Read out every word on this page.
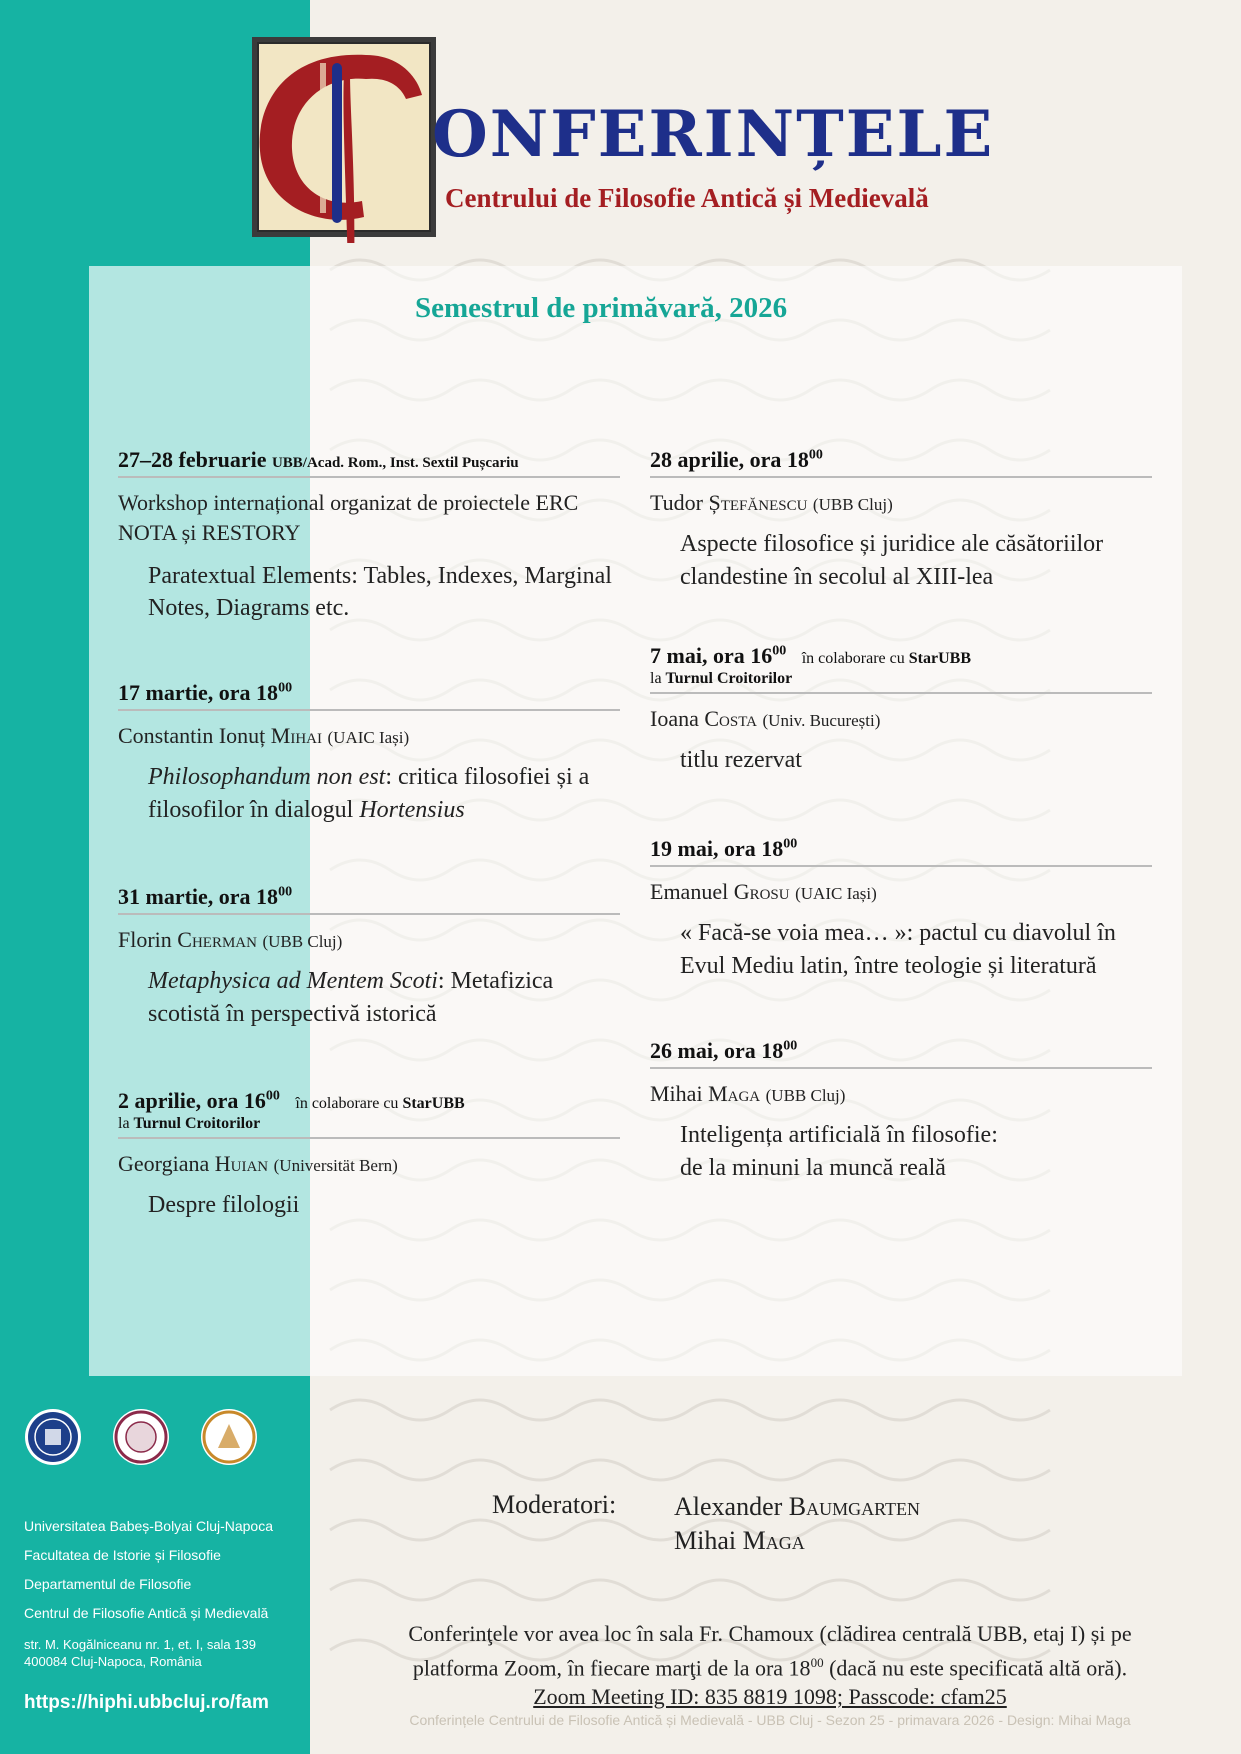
ONFERINȚELE
Centrului de Filosofie Antică și Medievală
Semestrul de primăvară, 2026
27–28 februarie UBB/Acad. Rom., Inst. Sextil Pușcariu
Workshop internațional organizat de proiectele ERC NOTA și RESTORY
Paratextual Elements: Tables, Indexes, Marginal Notes, Diagrams etc.
17 martie, ora $18^{00}$
Constantin Ionuț Mihai (UAIC Iași)
Philosophandum non est: critica filosofiei și a filosofilor în dialogul Hortensius
31 martie, ora $18^{00}$
Florin Cherman (UBB Cluj)
Metaphysica ad Mentem Scoti: Metafizica scotistă în perspectivă istorică
2 aprilie, ora $16^{00}$ în colaborare cu StarUBB
la Turnul Croitorilor
Georgiana Huian (Universität Bern)
Despre filologii
28 aprilie, ora $18^{00}$
Tudor Ștefănescu (UBB Cluj)
Aspecte filosofice și juridice ale căsătoriilor clandestine în secolul al XIII-lea
7 mai, ora $16^{00}$ în colaborare cu StarUBB
la Turnul Croitorilor
Ioana Costa (Univ. București)
titlu rezervat
19 mai, ora $18^{00}$
Emanuel Grosu (UAIC Iași)
« Facă-se voia mea… »: pactul cu diavolul în Evul Mediu latin, între teologie și literatură
26 mai, ora $18^{00}$
Mihai Maga (UBB Cluj)
Inteligența artificială în filosofie:
de la minuni la muncă reală
Universitatea Babeș-Bolyai Cluj-Napoca
Facultatea de Istorie și Filosofie
Departamentul de Filosofie
Centrul de Filosofie Antică și Medievală
str. M. Kogălniceanu nr. 1, et. I, sala 139
400084 Cluj-Napoca, România
https://hiphi.ubbcluj.ro/fam
Moderatori: Alexander Baumgarten
Mihai Maga
Conferinţele vor avea loc în sala Fr. Chamoux (clădirea centrală UBB, etaj I) și pe
platforma Zoom, în fiecare marţi de la ora $18^{00}$ (dacă nu este specificată altă oră).
Zoom Meeting ID: 835 8819 1098; Passcode: cfam25
Conferințele Centrului de Filosofie Antică și Medievală - UBB Cluj - Sezon 25 - primavara 2026 - Design: Mihai Maga
